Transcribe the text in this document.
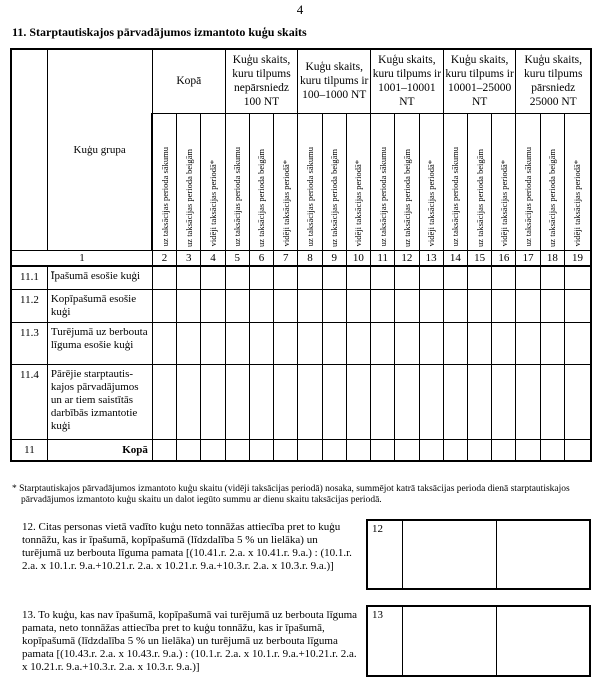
4
11. Starptautiskajos pārvadājumos izmantoto kuģu skaits
	Kuģu grupa	Kopā			Kuģu skaits, kuru tilpums nepārsniedz 100 NT			Kuģu skaits, kuru tilpums ir 100–1000 NT			Kuģu skaits, kuru tilpums ir 1001–10001 NT			Kuģu skaits, kuru tilpums ir 10001–25000 NT			Kuģu skaits, kuru tilpums pārsniedz 25000 NT		
		uz taksācijas perioda sākumu	uz taksācijas perioda beigām	vidēji taksācijas periodā*	uz taksācijas perioda sākumu	uz taksācijas perioda beigām	vidēji taksācijas periodā*	uz taksācijas perioda sākumu	uz taksācijas perioda beigām	vidēji taksācijas periodā*	uz taksācijas perioda sākumu	uz taksācijas perioda beigām	vidēji taksācijas periodā*	uz taksācijas perioda sākumu	uz taksācijas perioda beigām	vidēji taksācijas periodā*	uz taksācijas perioda sākumu	uz taksācijas perioda beigām	vidēji taksācijas periodā*
1		2	3	4	5	6	7	8	9	10	11	12	13	14	15	16	17	18	19
11.1	Īpašumā esošie kuģi																		
11.2	Kopīpašumā esošie kuģi																		
11.3	Turējumā uz berbouta līguma esošie kuģi																		
11.4	Pārējie starptautis-kajos pārvadājumos un ar tiem saistītās darbībās izmantotie kuģi																		
11	Kopā																		
* Starptautiskajos pārvadājumos izmantoto kuģu skaitu (vidēji taksācijas periodā) nosaka, summējot katrā taksācijas perioda dienā starptautiskajos pārvadājumos izmantoto kuģu skaitu un dalot iegūto summu ar dienu skaitu taksācijas periodā.
12. Citas personas vietā vadīto kuģu neto tonnāžas attiecība pret to kuģu tonnāžu, kas ir īpašumā, kopīpašumā (līdzdalība 5 % un lielāka) un turējumā uz berbouta līguma pamata [(10.41.r. 2.a. x 10.41.r. 9.a.) : (10.1.r. 2.a. x 10.1.r. 9.a.+10.21.r. 2.a. x 10.21.r. 9.a.+10.3.r. 2.a. x 10.3.r. 9.a.)]
12
13. To kuģu, kas nav īpašumā, kopīpašumā vai turējumā uz berbouta līguma pamata, neto tonnāžas attiecība pret to kuģu tonnāžu, kas ir īpašumā, kopīpašumā (līdzdalība 5 % un lielāka) un turējumā uz berbouta līguma pamata [(10.43.r. 2.a. x 10.43.r. 9.a.) : (10.1.r. 2.a. x 10.1.r. 9.a.+10.21.r. 2.a. x 10.21.r. 9.a.+10.3.r. 2.a. x 10.3.r. 9.a.)]
13
